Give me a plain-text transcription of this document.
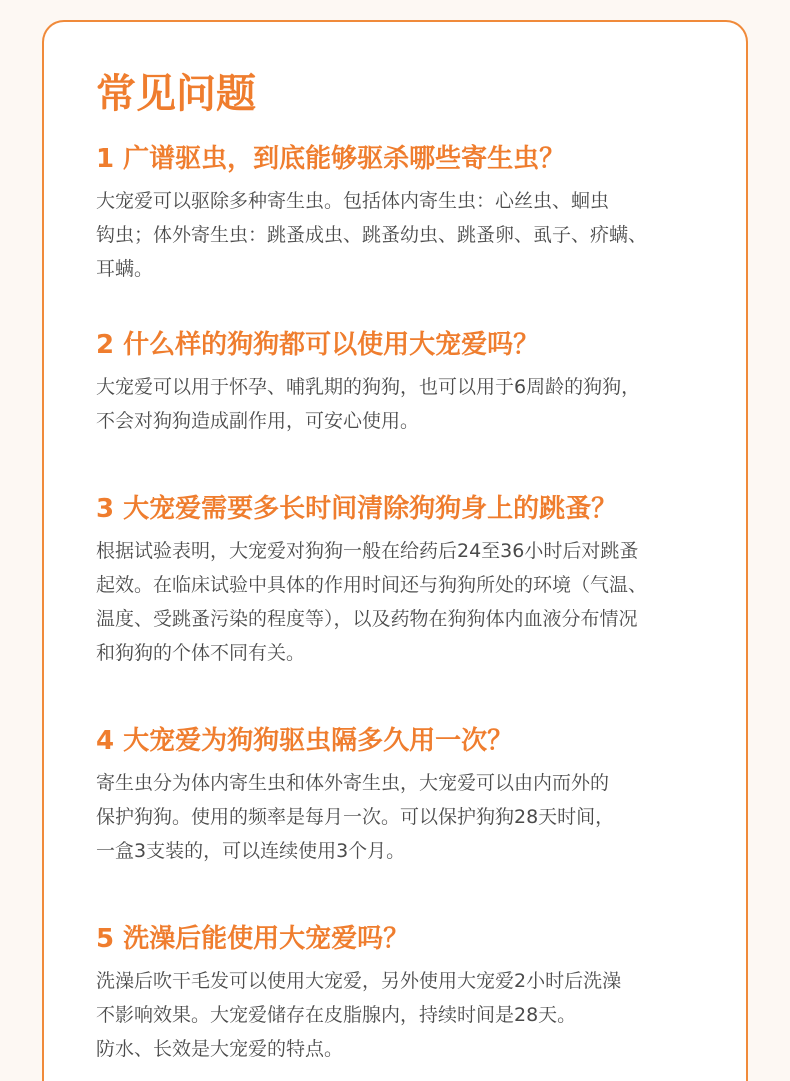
常见问题
1 广谱驱虫，到底能够驱杀哪些寄生虫？
大宠爱可以驱除多种寄生虫。包括体内寄生虫：心丝虫、蛔虫
钩虫；体外寄生虫：跳蚤成虫、跳蚤幼虫、跳蚤卵、虱子、疥螨、
耳螨。
2 什么样的狗狗都可以使用大宠爱吗？
大宠爱可以用于怀孕、哺乳期的狗狗，也可以用于6周龄的狗狗，
不会对狗狗造成副作用，可安心使用。
3 大宠爱需要多长时间清除狗狗身上的跳蚤？
根据试验表明，大宠爱对狗狗一般在给药后24至36小时后对跳蚤
起效。在临床试验中具体的作用时间还与狗狗所处的环境（气温、
温度、受跳蚤污染的程度等），以及药物在狗狗体内血液分布情况
和狗狗的个体不同有关。
4 大宠爱为狗狗驱虫隔多久用一次？
寄生虫分为体内寄生虫和体外寄生虫，大宠爱可以由内而外的
保护狗狗。使用的频率是每月一次。可以保护狗狗28天时间，
一盒3支装的，可以连续使用3个月。
5 洗澡后能使用大宠爱吗？
洗澡后吹干毛发可以使用大宠爱，另外使用大宠爱2小时后洗澡
不影响效果。大宠爱储存在皮脂腺内，持续时间是28天。
防水、长效是大宠爱的特点。
